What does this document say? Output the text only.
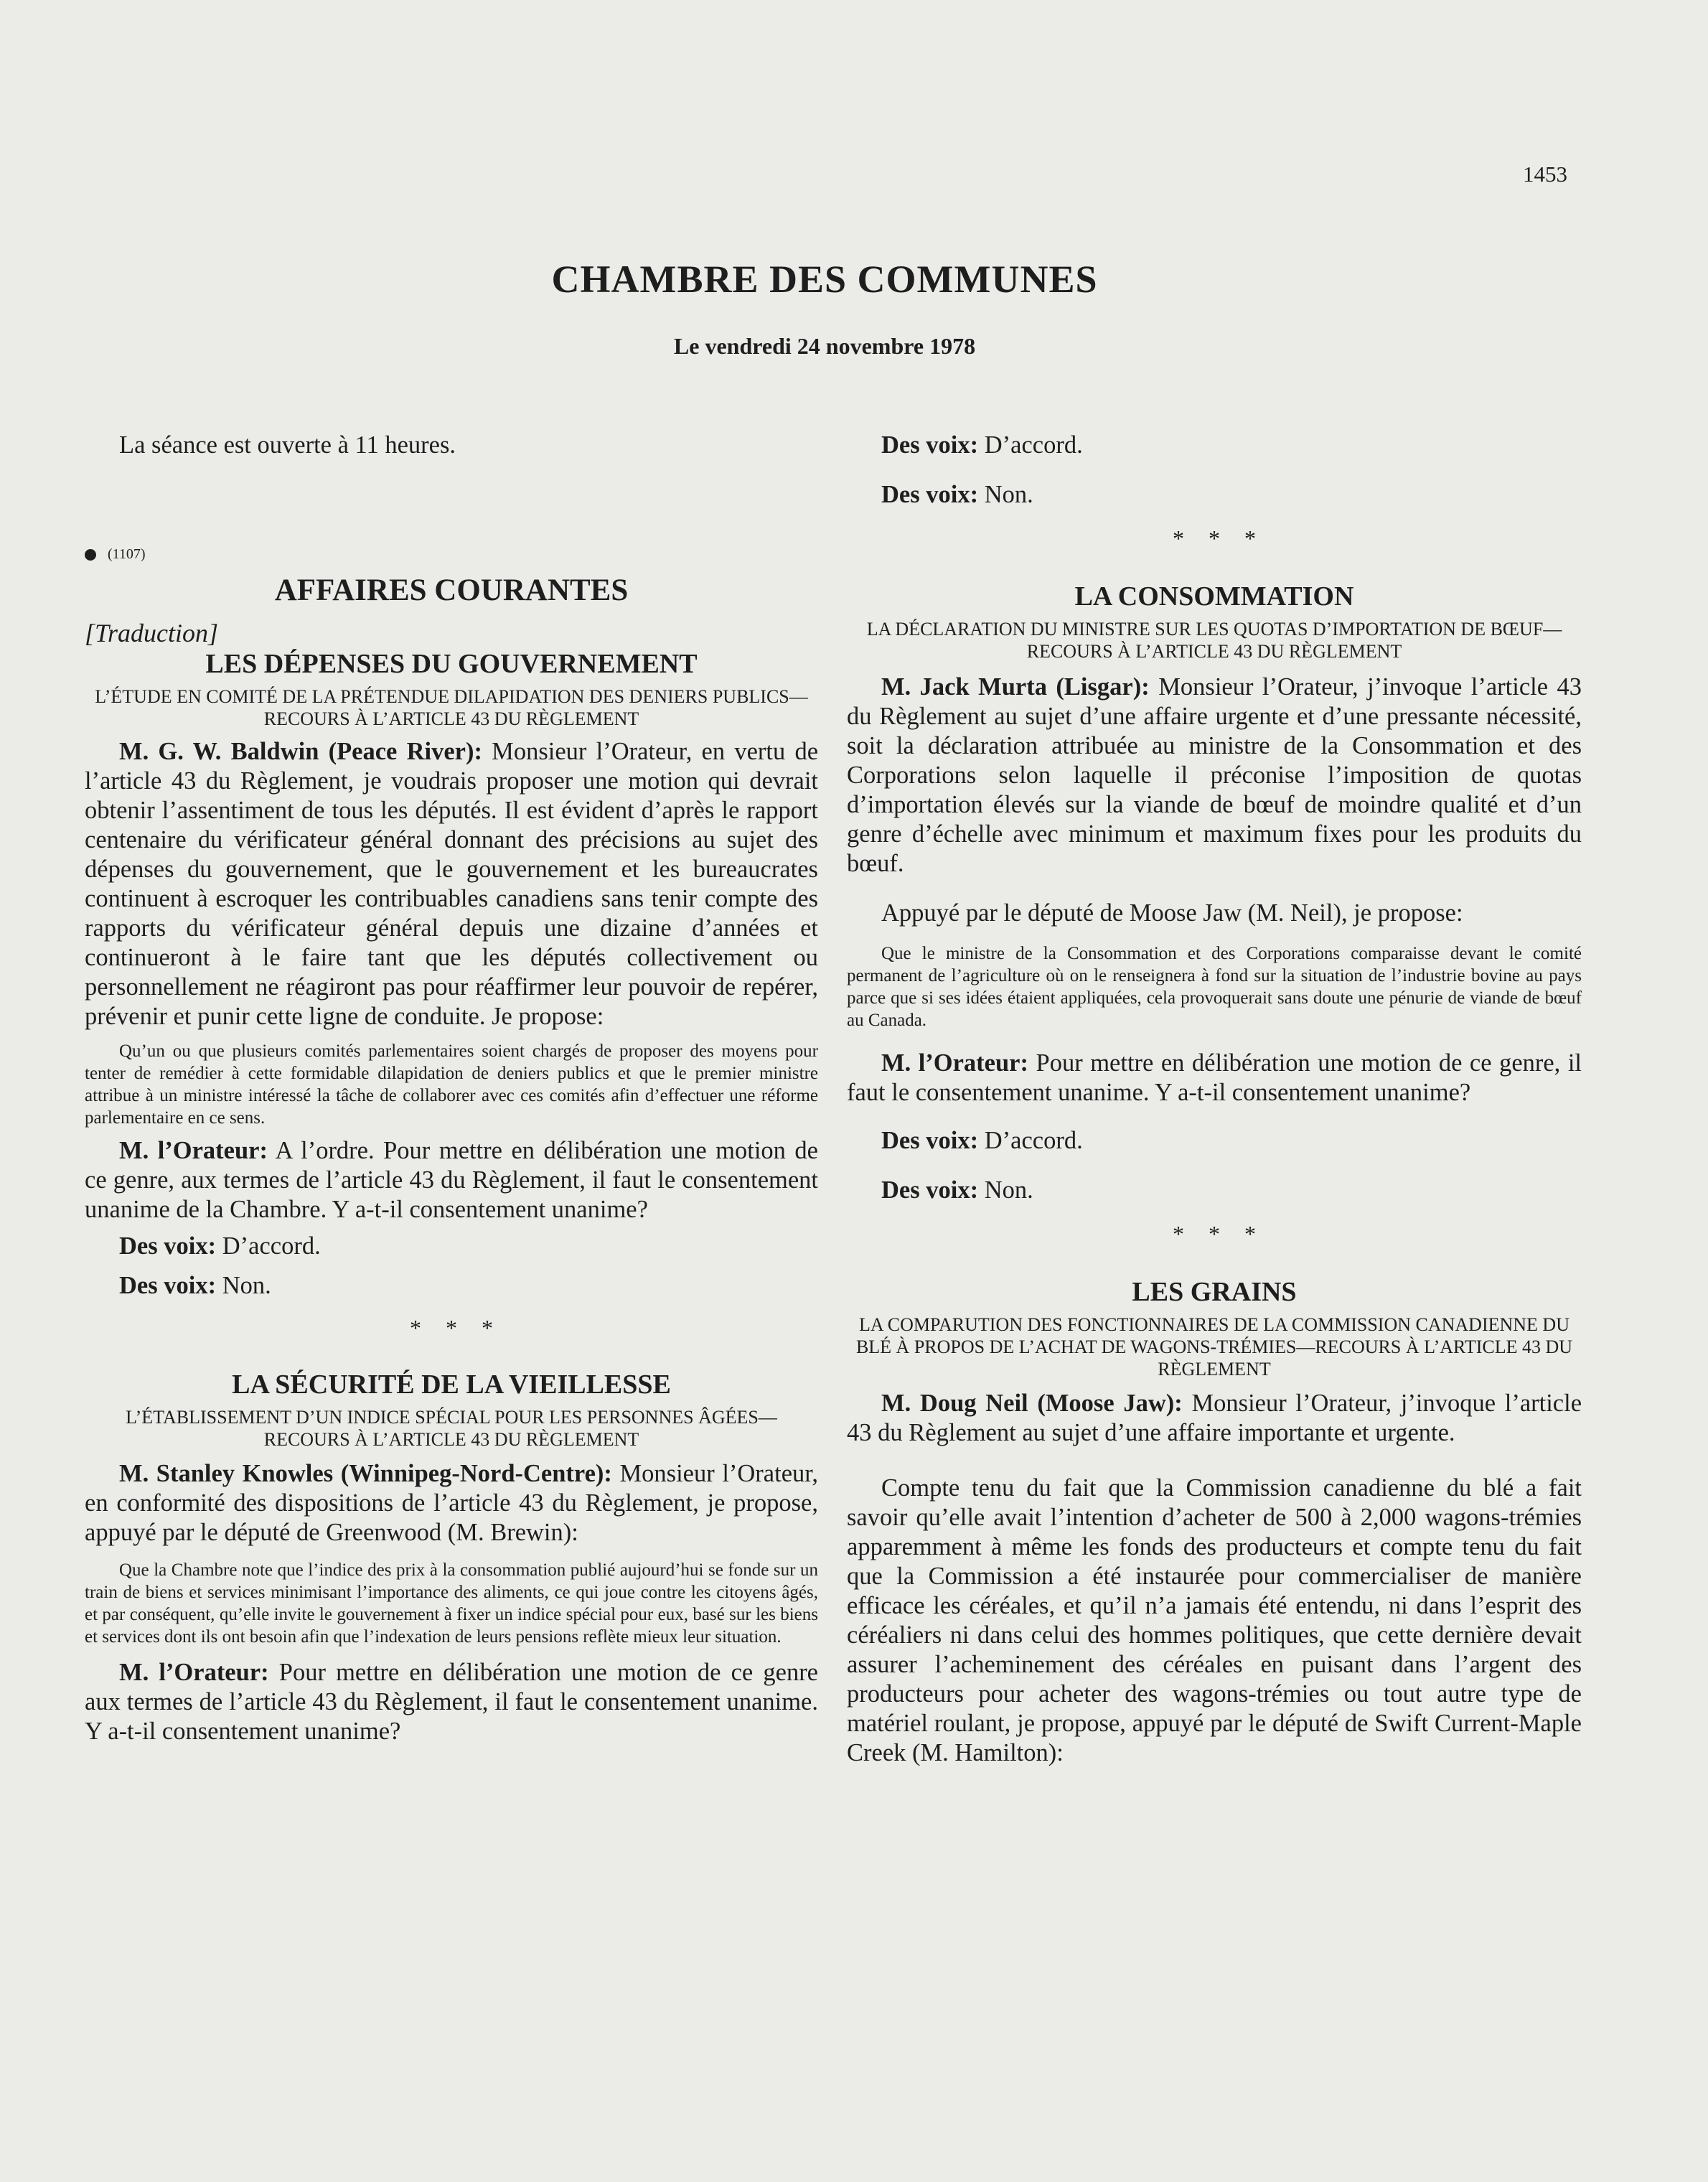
1453
CHAMBRE DES COMMUNES
Le vendredi 24 novembre 1978

La séance est ouverte à 11 heures.

(1107)

AFFAIRES COURANTES

[Traduction]

LES DÉPENSES DU GOUVERNEMENT

L’ÉTUDE EN COMITÉ DE LA PRÉTENDUE DILAPIDATION DES DENIERS PUBLICS—RECOURS À L’ARTICLE 43 DU RÈGLEMENT

M. G. W. Baldwin (Peace River): Monsieur l’Orateur, en vertu de l’article 43 du Règlement, je voudrais proposer une motion qui devrait obtenir l’assentiment de tous les députés. Il est évident d’après le rapport centenaire du vérificateur général donnant des précisions au sujet des dépenses du gouvernement, que le gouvernement et les bureaucrates continuent à escroquer les contribuables canadiens sans tenir compte des rapports du vérificateur général depuis une dizaine d’années et continueront à le faire tant que les députés collectivement ou personnellement ne réagiront pas pour réaffirmer leur pouvoir de repérer, prévenir et punir cette ligne de conduite. Je propose:

Qu’un ou que plusieurs comités parlementaires soient chargés de proposer des moyens pour tenter de remédier à cette formidable dilapidation de deniers publics et que le premier ministre attribue à un ministre intéressé la tâche de collaborer avec ces comités afin d’effectuer une réforme parlementaire en ce sens.

M. l’Orateur: A l’ordre. Pour mettre en délibération une motion de ce genre, aux termes de l’article 43 du Règlement, il faut le consentement unanime de la Chambre. Y a-t-il consentement unanime?

Des voix: D’accord.

Des voix: Non.

* * *

LA SÉCURITÉ DE LA VIEILLESSE

L’ÉTABLISSEMENT D’UN INDICE SPÉCIAL POUR LES PERSONNES ÂGÉES—RECOURS À L’ARTICLE 43 DU RÈGLEMENT

M. Stanley Knowles (Winnipeg-Nord-Centre): Monsieur l’Orateur, en conformité des dispositions de l’article 43 du Règlement, je propose, appuyé par le député de Greenwood (M. Brewin):

Que la Chambre note que l’indice des prix à la consommation publié aujourd’hui se fonde sur un train de biens et services minimisant l’importance des aliments, ce qui joue contre les citoyens âgés, et par conséquent, qu’elle invite le gouvernement à fixer un indice spécial pour eux, basé sur les biens et services dont ils ont besoin afin que l’indexation de leurs pensions reflète mieux leur situation.

M. l’Orateur: Pour mettre en délibération une motion de ce genre aux termes de l’article 43 du Règlement, il faut le consentement unanime. Y a-t-il consentement unanime?

Des voix: D’accord.

Des voix: Non.

* * *

LA CONSOMMATION

LA DÉCLARATION DU MINISTRE SUR LES QUOTAS D’IMPORTATION DE BŒUF—RECOURS À L’ARTICLE 43 DU RÈGLEMENT

M. Jack Murta (Lisgar): Monsieur l’Orateur, j’invoque l’article 43 du Règlement au sujet d’une affaire urgente et d’une pressante nécessité, soit la déclaration attribuée au ministre de la Consommation et des Corporations selon laquelle il préconise l’imposition de quotas d’importation élevés sur la viande de bœuf de moindre qualité et d’un genre d’échelle avec minimum et maximum fixes pour les produits du bœuf.

Appuyé par le député de Moose Jaw (M. Neil), je propose:

Que le ministre de la Consommation et des Corporations comparaisse devant le comité permanent de l’agriculture où on le renseignera à fond sur la situation de l’industrie bovine au pays parce que si ses idées étaient appliquées, cela provoquerait sans doute une pénurie de viande de bœuf au Canada.

M. l’Orateur: Pour mettre en délibération une motion de ce genre, il faut le consentement unanime. Y a-t-il consentement unanime?

Des voix: D’accord.

Des voix: Non.

* * *

LES GRAINS

LA COMPARUTION DES FONCTIONNAIRES DE LA COMMISSION CANADIENNE DU BLÉ À PROPOS DE L’ACHAT DE WAGONS-TRÉMIES—RECOURS À L’ARTICLE 43 DU RÈGLEMENT

M. Doug Neil (Moose Jaw): Monsieur l’Orateur, j’invoque l’article 43 du Règlement au sujet d’une affaire importante et urgente.

Compte tenu du fait que la Commission canadienne du blé a fait savoir qu’elle avait l’intention d’acheter de 500 à 2,000 wagons-trémies apparemment à même les fonds des producteurs et compte tenu du fait que la Commission a été instaurée pour commercialiser de manière efficace les céréales, et qu’il n’a jamais été entendu, ni dans l’esprit des céréaliers ni dans celui des hommes politiques, que cette dernière devait assurer l’acheminement des céréales en puisant dans l’argent des producteurs pour acheter des wagons-trémies ou tout autre type de matériel roulant, je propose, appuyé par le député de Swift Current-Maple Creek (M. Hamilton):
